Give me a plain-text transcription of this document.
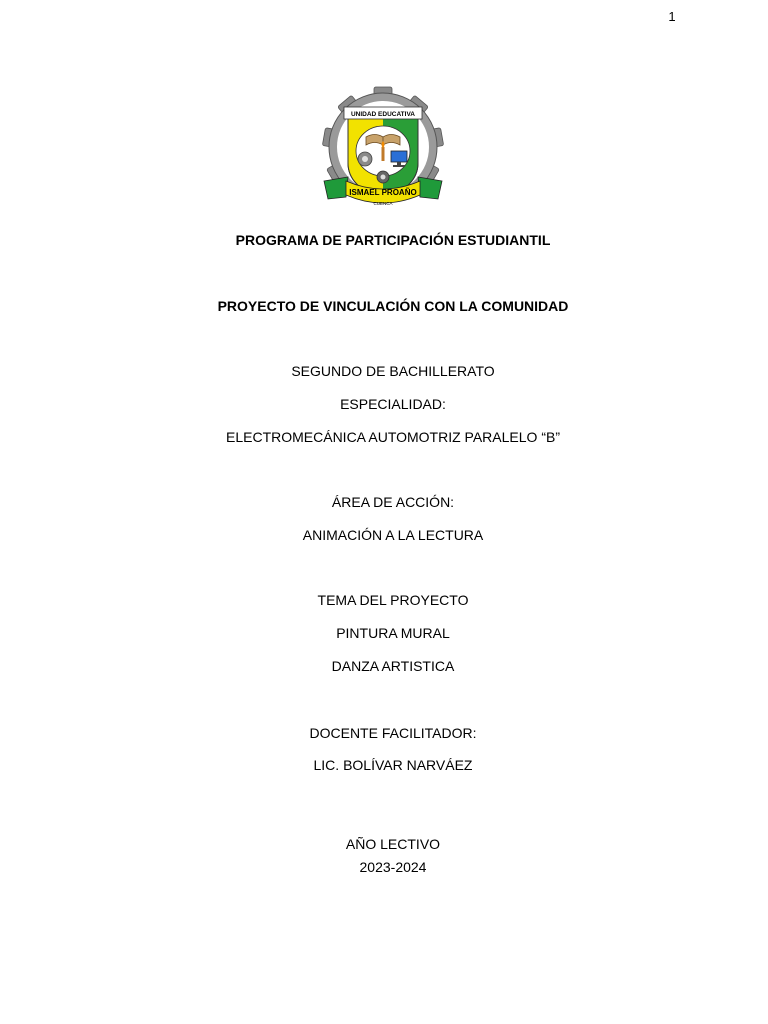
1
UNIDAD EDUCATIVA
ISMAEL PROAÑO
CUENCA
PROGRAMA DE PARTICIPACIÓN ESTUDIANTIL
PROYECTO DE VINCULACIÓN CON LA COMUNIDAD
SEGUNDO DE BACHILLERATO
ESPECIALIDAD:
ELECTROMECÁNICA AUTOMOTRIZ PARALELO “B”
ÁREA DE ACCIÓN:
ANIMACIÓN A LA LECTURA
TEMA DEL PROYECTO
PINTURA MURAL
DANZA ARTISTICA
DOCENTE FACILITADOR:
LIC. BOLÍVAR NARVÁEZ
AÑO LECTIVO
2023-2024
